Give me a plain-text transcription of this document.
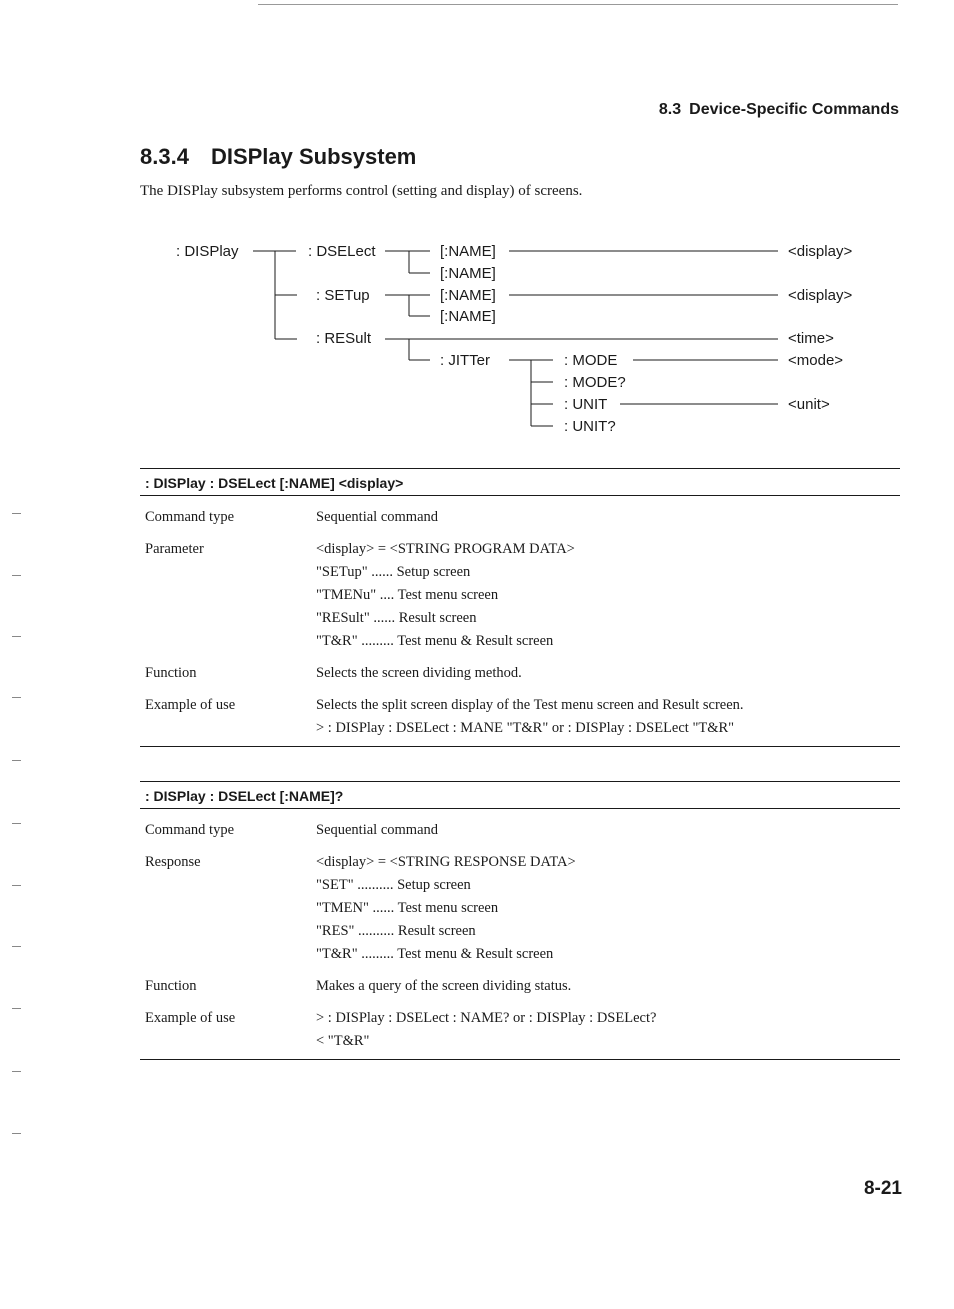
8.3 Device-Specific Commands
8.3.4 DISPlay Subsystem
The DISPlay subsystem performs control (setting and display) of screens.
: DISPlay	: DSELect
: SETup
: RESult
[:NAME]
[:NAME]
<display>
[:NAME]
[:NAME]
<display>
<time>
: JITTer	: MODE
: MODE?
: UNIT
: UNIT?
<mode>
<unit>
: DISPlay : DSELect [:NAME] <display>
Command type	Sequential command
Parameter	<display> = <STRING PROGRAM DATA>
"SETup" ...... Setup screen
"TMENu" .... Test menu screen
"RESult" ...... Result screen
"T&R" ......... Test menu & Result screen
Function	Selects the screen dividing method.
Example of use	Selects the split screen display of the Test menu screen and Result screen.
> : DISPlay : DSELect : MANE "T&R" or : DISPlay : DSELect "T&R"
: DISPlay : DSELect [:NAME]?
Command type	Sequential command
Response	<display> = <STRING RESPONSE DATA>
"SET" .......... Setup screen
"TMEN" ...... Test menu screen
"RES" .......... Result screen
"T&R" ......... Test menu & Result screen
Function	Makes a query of the screen dividing status.
Example of use	> : DISPlay : DSELect : NAME? or : DISPlay : DSELect?
< "T&R"
8-21
